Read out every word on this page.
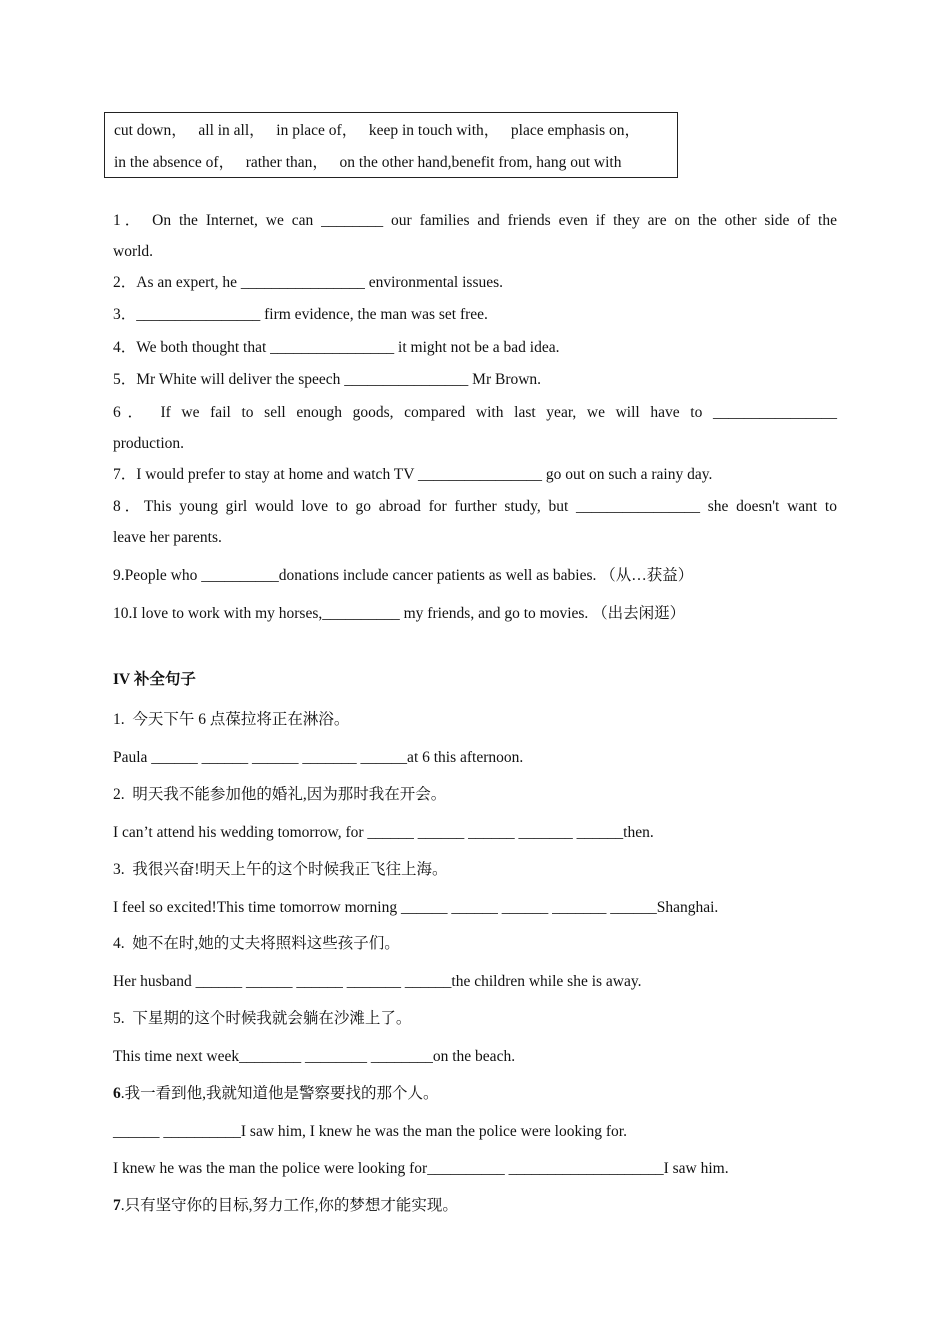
cut down，   all in all，   in place of，   keep in touch with，   place emphasis on，
in the absence of，   rather than，   on the other hand,benefit from, hang out with
1． On the Internet, we can ________ our families and friends even if they are on the other side of the
world.
2．As an expert, he ________________ environmental issues.
3．________________ firm evidence, the man was set free.
4．We both thought that ________________ it might not be a bad idea.
5．Mr White will deliver the speech ________________ Mr Brown.
6． If we fail to sell enough goods, compared with last year, we will have to ________________
production.
7．I would prefer to stay at home and watch TV ________________ go out on such a rainy day.
8．This young girl would love to go abroad for further study, but ________________ she doesn't want to
leave her parents.
9.People who __________donations include cancer patients as well as babies. （从…获益）
10.I love to work with my horses,__________ my friends, and go to movies. （出去闲逛）
IV 补全句子
1.  今天下午 6 点葆拉将正在淋浴。
Paula ______ ______ ______ _______ ______at 6 this afternoon.
2.  明天我不能参加他的婚礼,因为那时我在开会。
I can’t attend his wedding tomorrow, for ______ ______ ______ _______ ______then.
3.  我很兴奋!明天上午的这个时候我正飞往上海。
I feel so excited!This time tomorrow morning ______ ______ ______ _______ ______Shanghai.
4.  她不在时,她的丈夫将照料这些孩子们。
Her husband ______ ______ ______ _______ ______the children while she is away.
5.  下星期的这个时候我就会躺在沙滩上了。
This time next week________ ________ ________on the beach.
6.我一看到他,我就知道他是警察要找的那个人。
______ __________I saw him, I knew he was the man the police were looking for.
I knew he was the man the police were looking for__________ ____________________I saw him.
7.只有坚守你的目标,努力工作,你的梦想才能实现。
